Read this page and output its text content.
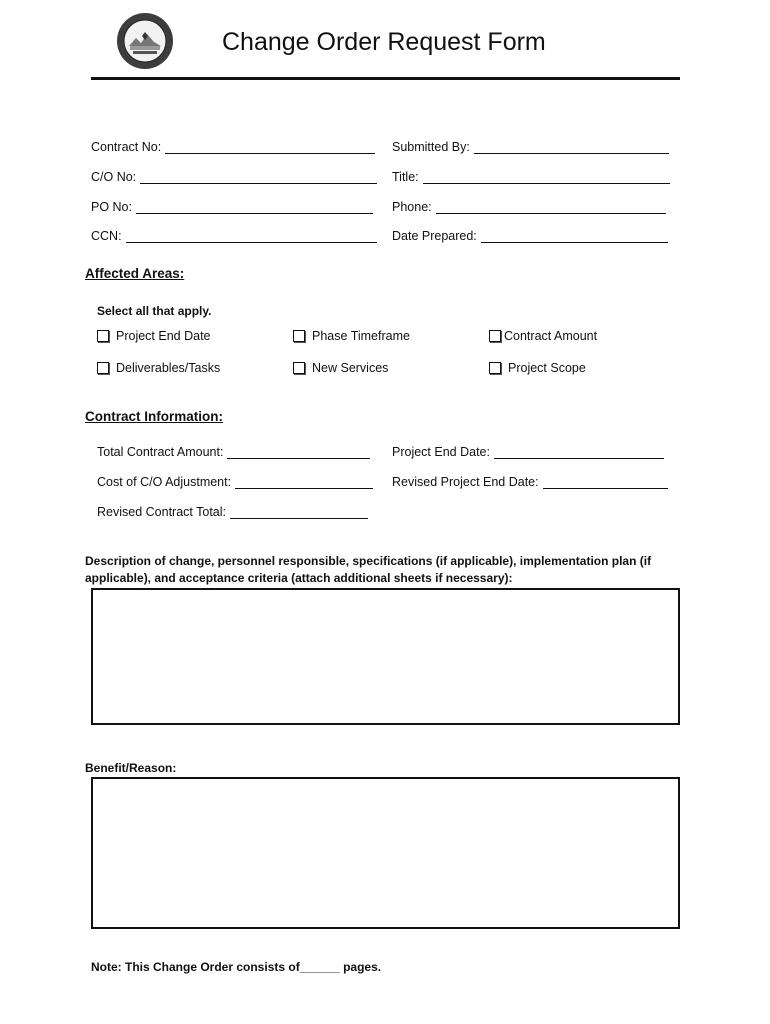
Change Order Request Form
Contract No:	Submitted By:
C/O No:	Title:
PO No:	Phone:
CCN:	Date Prepared:
Affected Areas:
Select all that apply.
Project End Date	Phase Timeframe	Contract Amount
Deliverables/Tasks	New Services	Project Scope
Contract Information:
Total Contract Amount:	Project End Date:
Cost of C/O Adjustment:	Revised Project End Date:
Revised Contract Total:
Description of change, personnel responsible, specifications (if applicable), implementation plan (if applicable), and acceptance criteria (attach additional sheets if necessary):
Benefit/Reason:
Note: This Change Order consists of______ pages.
